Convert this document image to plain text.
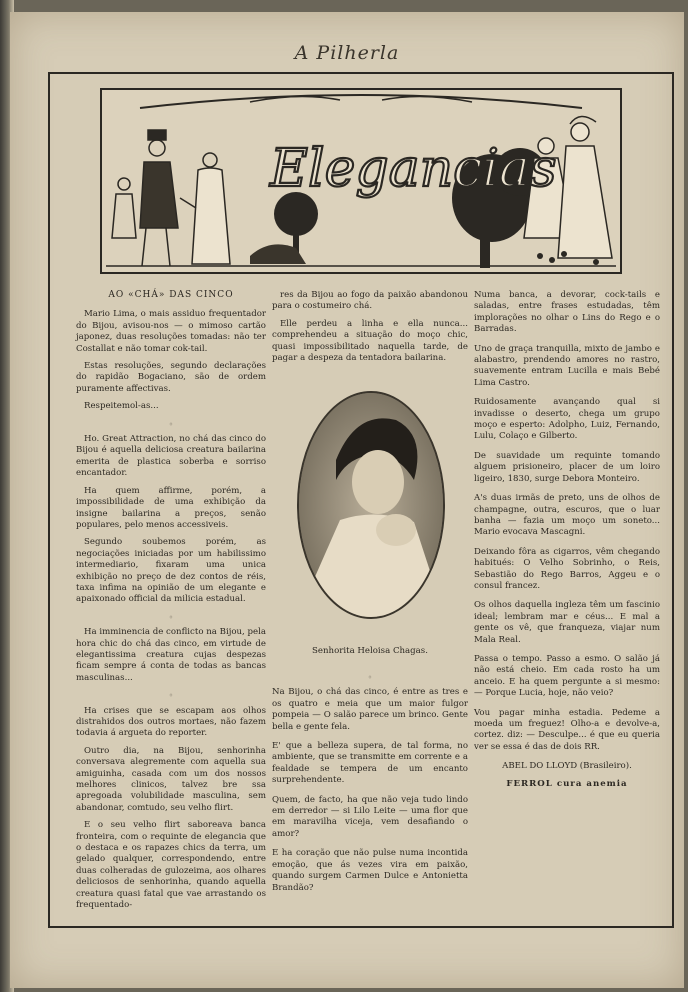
A Pilherla
Elegancias
AO «CHÁ» DAS CINCO

Mario Lima, o mais assiduo frequentador do Bijou, avisou-nos — o mimoso cartão japonez, duas resoluções tomadas: não ter Costallat e não tomar cok-tail.

Estas resoluções, segundo declarações do rapidão Bogaciano, são de ordem puramente affectivas.

Respeitemol-as...

◦

Ho. Great Attraction, no chá das cinco do Bijou é aquella deliciosa creatura bailarina emerita de plastica soberba e sorriso encantador.

Ha quem affirme, porém, a impossibilidade de uma exhibição da insigne bailarina a preços, senão populares, pelo menos accessiveis.

Segundo soubemos porém, as negociações iniciadas por um habilissimo intermediario, fixaram uma unica exhibição no preço de dez contos de réis, taxa infima na opinião de um elegante e apaixonado official da milicia estadual.

◦

Ha imminencia de conflicto na Bijou, pela hora chic do chá das cinco, em virtude de elegantissima creatura cujas despezas ficam sempre á conta de todas as bancas masculinas...

◦

Ha crises que se escapam aos olhos distrahidos dos outros mortaes, não fazem todavia á argueta do reporter.

Outro dia, na Bijou, senhorinha conversava alegremente com aquella sua amiguinha, casada com um dos nossos melhores clinicos, talvez bre ssa apregoada volubilidade masculina, sem abandonar, comtudo, seu velho flirt.

E o seu velho flirt saboreava banca fronteira, com o requinte de elegancia que o destaca e os rapazes chics da terra, um gelado qualquer, correspondendo, entre duas colheradas de gulozeima, aos olhares deliciosos de senhorinha, quando aquella creatura quasi fatal que vae arrastando os frequentado-

res da Bijou ao fogo da paixão abandonou para o costumeiro chá.

Elle perdeu a linha e ella nunca... comprehendeu a situação do moço chic, quasi impossibilitado naquella tarde, de pagar a despeza da tentadora bailarina.

Senhorita Heloisa Chagas.
◦

Na Bijou, o chá das cinco, é entre as tres e os quatro e meia que um maior fulgor pompeia — O salão parece um brinco. Gente bella e gente fela.

E' que a belleza supera, de tal forma, no ambiente, que se transmitte em corrente e a fealdade se tempera de um encanto surprehendente.

Quem, de facto, ha que não veja tudo lindo em derredor — si Lilo Leite — uma flor que em maravilha viceja, vem desafiando o amor?

E ha coração que não pulse numa incontida emoção, que ás vezes vira em paixão, quando surgem Carmen Dulce e Antonietta Brandão?

Numa banca, a devorar, cock-tails e saladas, entre frases estudadas, têm implorações no olhar o Lins do Rego e o Barradas.

Uno de graça tranquilla, mixto de jambo e alabastro, prendendo amores no rastro, suavemente entram Lucilla e mais Bebé Lima Castro.

Ruidosamente avançando qual si invadisse o deserto, chega um grupo moço e esperto: Adolpho, Luiz, Fernando, Lulu, Colaço e Gilberto.

De suavidade um requinte tomando alguem prisioneiro, placer de um loiro ligeiro, 1830, surge Debora Monteiro.

A's duas irmãs de preto, uns de olhos de champagne, outra, escuros, que o luar banha — fazia um moço um soneto... Mario evocava Mascagni.

Deixando fôra as cigarros, vêm chegando habitués: O Velho Sobrinho, o Reis, Sebastião do Rego Barros, Aggeu e o consul francez.

Os olhos daquella ingleza têm um fascinio ideal; lembram mar e céus... E mal a gente os vê, que franqueza, viajar num Mala Real.

Passa o tempo. Passo a esmo. O salão já não está cheio. Em cada rosto ha um anceio. E ha quem pergunte a si mesmo: — Porque Lucia, hoje, não veio?

Vou pagar minha estadia. Pedeme a moeda um freguez! Olho-a e devolve-a, cortez. diz: — Desculpe... é que eu queria ver se essa é das de dois RR.

ABEL DO LLOYD (Brasileiro).
FERROL cura anemia
